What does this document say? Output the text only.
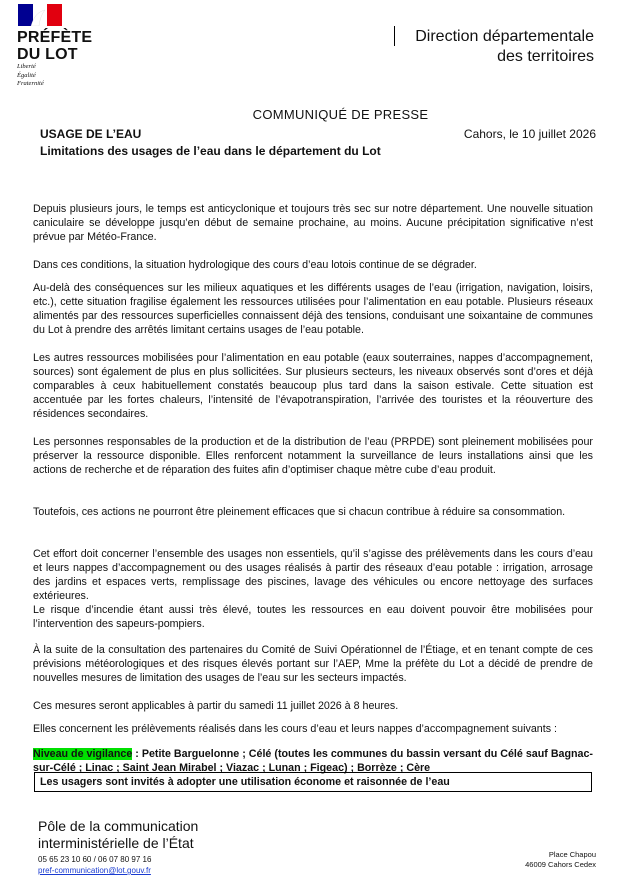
PRÉFÈTE
DU LOT
Liberté
Égalité
Fraternité
Direction départementale
des territoires
COMMUNIQUÉ DE PRESSE
USAGE DE L’EAU
Limitations des usages de l’eau dans le département du Lot
Cahors, le 10 juillet 2026

Depuis plusieurs jours, le temps est anticyclonique et toujours très sec sur notre département. Une nouvelle situation caniculaire se développe jusqu’en début de semaine prochaine, au moins. Aucune précipitation significative n’est prévue par Météo-France.

Dans ces conditions, la situation hydrologique des cours d’eau lotois continue de se dégrader.

Au-delà des conséquences sur les milieux aquatiques et les différents usages de l’eau (irrigation, navigation, loisirs, etc.), cette situation fragilise également les ressources utilisées pour l’alimentation en eau potable. Plusieurs réseaux alimentés par des ressources superficielles connaissent déjà des tensions, conduisant une soixantaine de communes du Lot à prendre des arrêtés limitant certains usages de l’eau potable.

Les autres ressources mobilisées pour l’alimentation en eau potable (eaux souterraines, nappes d’accompagnement, sources) sont également de plus en plus sollicitées. Sur plusieurs secteurs, les niveaux observés sont d’ores et déjà comparables à ceux habituellement constatés beaucoup plus tard dans la saison estivale. Cette situation est accentuée par les fortes chaleurs, l’intensité de l’évapotranspiration, l’arrivée des touristes et la réouverture des résidences secondaires.

Les personnes responsables de la production et de la distribution de l’eau (PRPDE) sont pleinement mobilisées pour préserver la ressource disponible. Elles renforcent notamment la surveillance de leurs installations ainsi que les actions de recherche et de réparation des fuites afin d’optimiser chaque mètre cube d’eau produit.

Toutefois, ces actions ne pourront être pleinement efficaces que si chacun contribue à réduire sa consommation.

Cet effort doit concerner l’ensemble des usages non essentiels, qu’il s’agisse des prélèvements dans les cours d’eau et leurs nappes d’accompagnement ou des usages réalisés à partir des réseaux d’eau potable : irrigation, arrosage des jardins et espaces verts, remplissage des piscines, lavage des véhicules ou encore nettoyage des surfaces extérieures.

Le risque d’incendie étant aussi très élevé, toutes les ressources en eau doivent pouvoir être mobilisées pour l’intervention des sapeurs-pompiers.

À la suite de la consultation des partenaires du Comité de Suivi Opérationnel de l’Étiage, et en tenant compte de ces prévisions météorologiques et des risques élevés portant sur l’AEP, Mme la préfète du Lot a décidé de prendre de nouvelles mesures de limitation des usages de l’eau sur les secteurs impactés.

Ces mesures seront applicables à partir du samedi 11 juillet 2026 à 8 heures.

Elles concernent les prélèvements réalisés dans les cours d’eau et leurs nappes d’accompagnement suivants :

Niveau de vigilance : Petite Barguelonne ; Célé (toutes les communes du bassin versant du Célé sauf Bagnac-sur-Célé ; Linac ; Saint Jean Mirabel ; Viazac ; Lunan ; Figeac) ; Borrèze ; Cère

Les usagers sont invités à adopter une utilisation économe et raisonnée de l’eau
Pôle de la communication
interministérielle de l’État
05 65 23 10 60 / 06 07 80 97 16
pref-communication@lot.gouv.fr
Place Chapou
46009 Cahors Cedex
